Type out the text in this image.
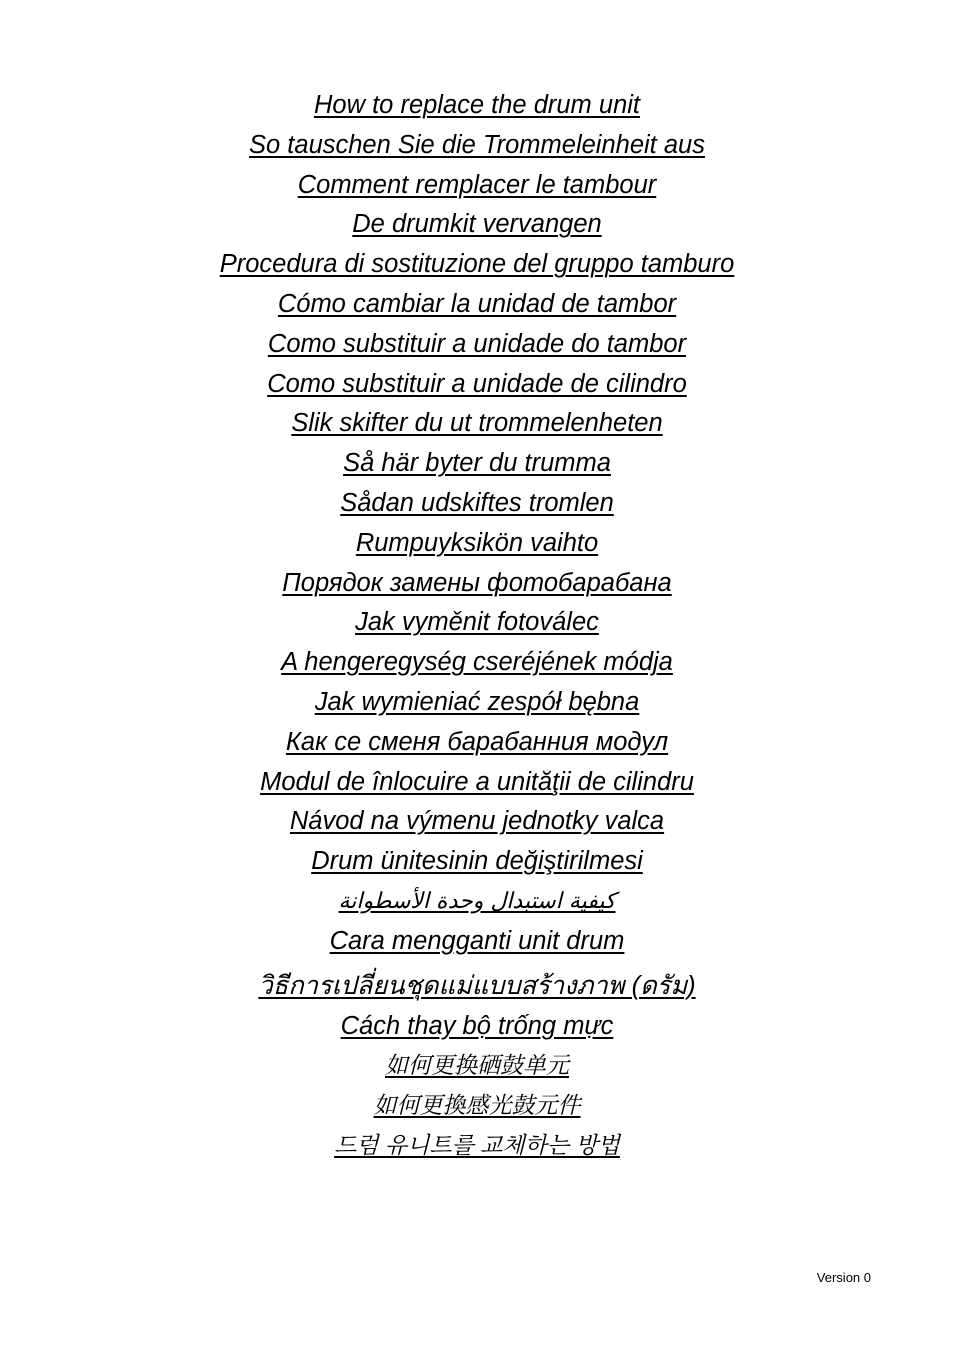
How to replace the drum unit
So tauschen Sie die Trommeleinheit aus
Comment remplacer le tambour
De drumkit vervangen
Procedura di sostituzione del gruppo tamburo
Cómo cambiar la unidad de tambor
Como substituir a unidade do tambor
Como substituir a unidade de cilindro
Slik skifter du ut trommelenheten
Så här byter du trumma
Sådan udskiftes tromlen
Rumpuyksikön vaihto
Порядок замены фотобарабана
Jak vyměnit fotoválec
A hengeregység cseréjének módja
Jak wymieniać zespół bębna
Как се сменя барабанния модул
Modul de înlocuire a unităţii de cilindru
Návod na výmenu jednotky valca
Drum ünitesinin değiştirilmesi
كيفية استبدال وحدة الأسطوانة
Cara mengganti unit drum
วิธีการเปลี่ยนชุดแม่แบบสร้างภาพ (ดรัม)
Cách thay bộ trống mực
如何更换硒鼓单元
如何更換感光鼓元件
드럼 유니트를 교체하는 방법
Version 0
